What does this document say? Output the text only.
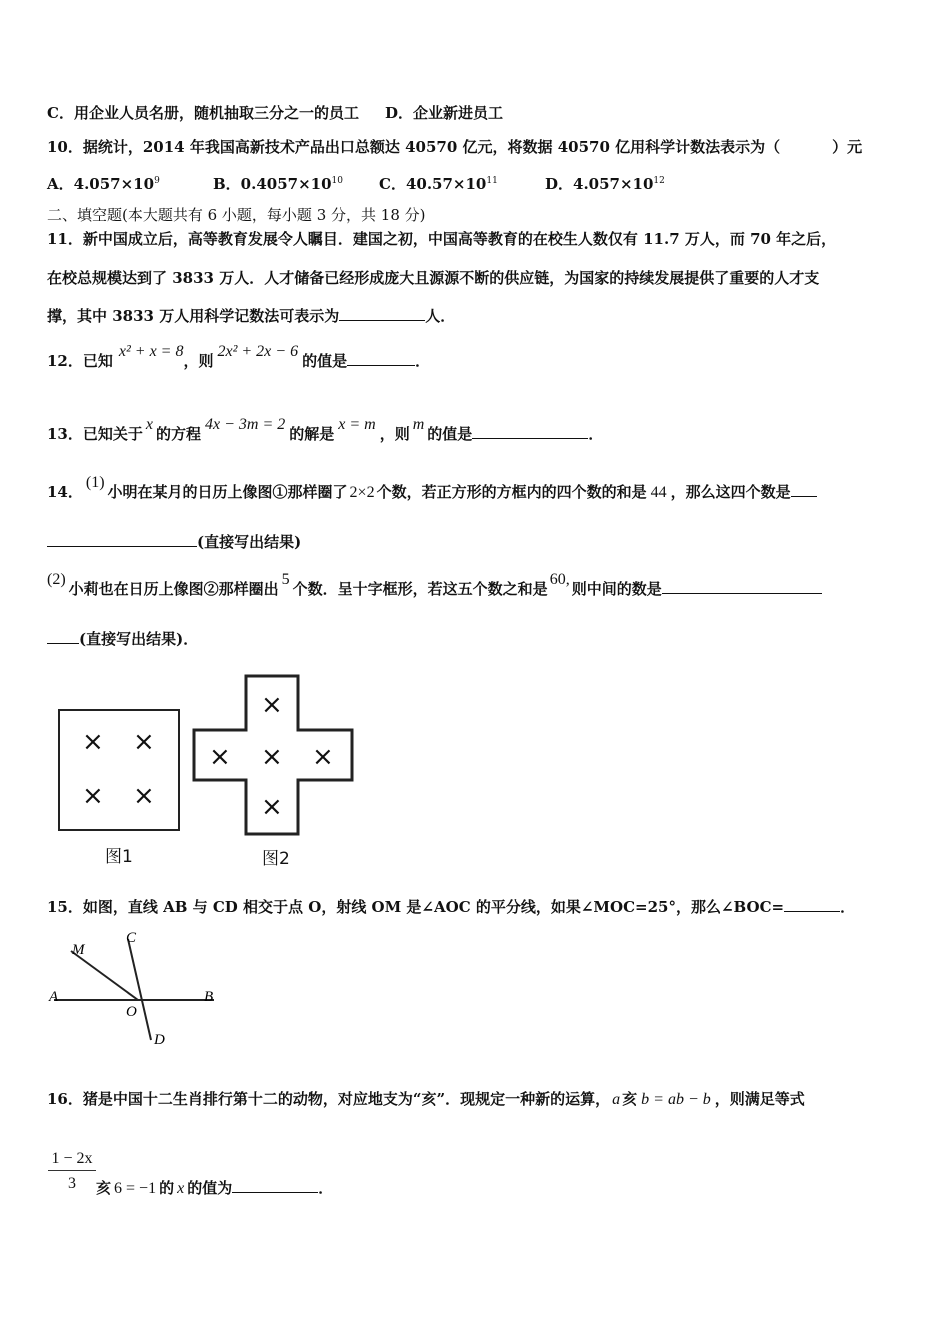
C．用企业人员名册，随机抽取三分之一的员工 D．企业新进员工
10．据统计，2014 年我国高新技术产品出口总额达 40570 亿元，将数据 40570 亿用科学计数法表示为（	）元
A．$4.057\times 10^9$	B．$0.4057\times 10^{10}$ C．$40.57\times 10^{11}$	D．$4.057\times 10^{12}$
二、填空题(本大题共有 6 小题，每小题 3 分，共 18 分)
11．新中国成立后，高等教育发展令人瞩目．建国之初，中国高等教育的在校生人数仅有 11.7 万人，而 70 年之后，
在校总规模达到了 3833 万人．人才储备已经形成庞大且源源不断的供应链，为国家的持续发展提供了重要的人才支
撑，其中 3833 万人用科学记数法可表示为	人．
12．已知x² + x = 8，则2x² + 2x − 6的值是	．
13．已知关于x的方程4x − 3m = 2的解是x = m，则m的值是	．
14．(1)小明在某月的日历上像图①那样圈了 2×2 个数，若正方形的方框内的四个数的和是 44 ，那么这四个数是
(直接写出结果)
(2)小莉也在日历上像图②那样圈出5个数．呈十字框形，若这五个数之和是60,则中间的数是
(直接写出结果)．
× ×
× ×
图1
×
× × ×
×
图2
15．如图，直线 AB 与 CD 相交于点 O，射线 OM 是∠AOC 的平分线，如果∠MOC=25°，那么∠BOC=	．
M
C
A
O
B
D
16．猪是中国十二生肖排行第十二的动物，对应地支为“亥”．现规定一种新的运算， a 亥 b = ab − b ，则满足等式
$\frac{1 - 2x}{3}$ 亥 6 = −1 的 x 的值为	．
